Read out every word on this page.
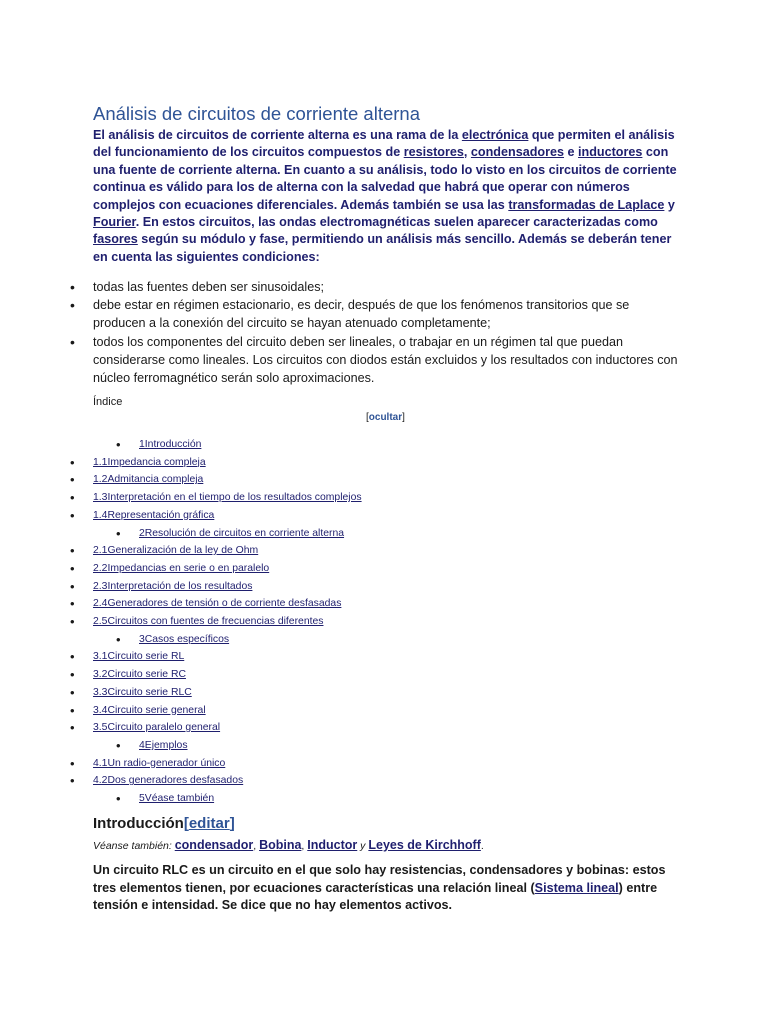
Análisis de circuitos de corriente alterna

El análisis de circuitos de corriente alterna es una rama de la electrónica que permiten el análisis del funcionamiento de los circuitos compuestos de resistores, condensadores e inductores con una fuente de corriente alterna. En cuanto a su análisis, todo lo visto en los circuitos de corriente continua es válido para los de alterna con la salvedad que habrá que operar con números complejos con ecuaciones diferenciales. Además también se usa las transformadas de Laplace y Fourier. En estos circuitos, las ondas electromagnéticas suelen aparecer caracterizadas como fasores según su módulo y fase, permitiendo un análisis más sencillo. Además se deberán tener en cuenta las siguientes condiciones:

• todas las fuentes deben ser sinusoidales;
• debe estar en régimen estacionario, es decir, después de que los fenómenos transitorios que se producen a la conexión del circuito se hayan atenuado completamente;
• todos los componentes del circuito deben ser lineales, o trabajar en un régimen tal que puedan considerarse como lineales. Los circuitos con diodos están excluidos y los resultados con inductores con núcleo ferromagnético serán solo aproximaciones.
Índice
[ocultar]
• 1Introducción
• 1.1Impedancia compleja
• 1.2Admitancia compleja
• 1.3Interpretación en el tiempo de los resultados complejos
• 1.4Representación gráfica
• 2Resolución de circuitos en corriente alterna
• 2.1Generalización de la ley de Ohm
• 2.2Impedancias en serie o en paralelo
• 2.3Interpretación de los resultados
• 2.4Generadores de tensión o de corriente desfasadas
• 2.5Circuitos con fuentes de frecuencias diferentes
• 3Casos específicos
• 3.1Circuito serie RL
• 3.2Circuito serie RC
• 3.3Circuito serie RLC
• 3.4Circuito serie general
• 3.5Circuito paralelo general
• 4Ejemplos
• 4.1Un radio-generador único
• 4.2Dos generadores desfasados
• 5Véase también
Introducción[editar]
Véanse también: condensador, Bobina, Inductor y Leyes de Kirchhoff.

Un circuito RLC es un circuito en el que solo hay resistencias, condensadores y bobinas: estos tres elementos tienen, por ecuaciones características una relación lineal (Sistema lineal) entre tensión e intensidad. Se dice que no hay elementos activos.
